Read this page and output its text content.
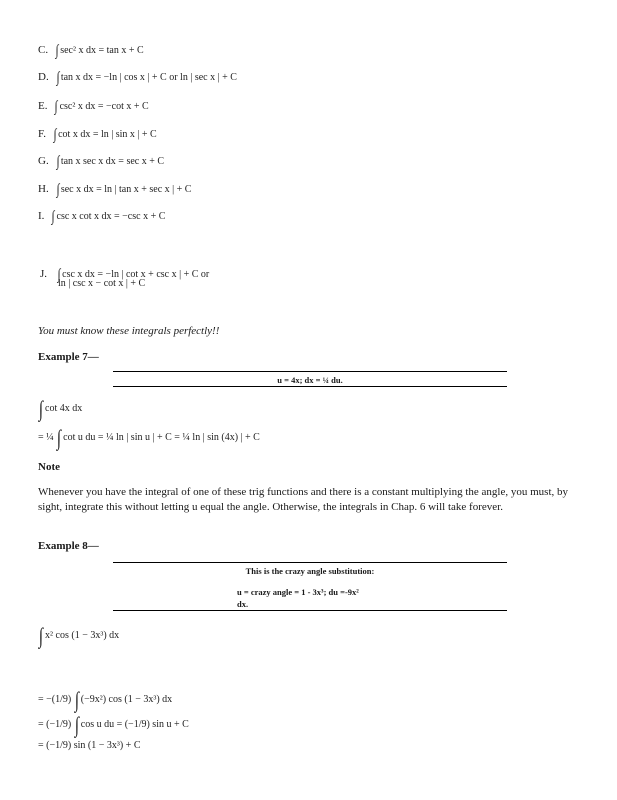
C. ∫ sec² x dx = tan x + C
D. ∫ tan x dx = −ln | cos x | + C or ln | sec x | + C
E. ∫ csc² x dx = −cot x + C
F. ∫ cot x dx = ln | sin x | + C
G. ∫ tan x sec x dx = sec x + C
H. ∫ sec x dx = ln | tan x + sec x | + C
I. ∫ csc x cot x dx = −csc x + C
J. ∫ csc x dx = −ln | cot x + csc x | + C or
ln | csc x − cot x | + C
You must know these integrals perfectly!!
Example 7—
u = 4x; dx = ¼ du.
∫ cot 4x dx
= ¼ ∫ cot u du = ¼ ln | sin u | + C = ¼ ln | sin (4x) | + C
Note
Whenever you have the integral of one of these trig functions and there is a constant multiplying the angle, you must, by sight, integrate this without letting u equal the angle. Otherwise, the integrals in Chap. 6 will take forever.
Example 8—
This is the crazy angle substitution:
u = crazy angle = 1 - 3x³; du =-9x²
dx.
∫ x² cos (1 − 3x³) dx
= −(1/9) ∫ (−9x²) cos (1 − 3x³) dx
= (−1/9) ∫ cos u du = (−1/9) sin u + C
= (−1/9) sin (1 − 3x³) + C
